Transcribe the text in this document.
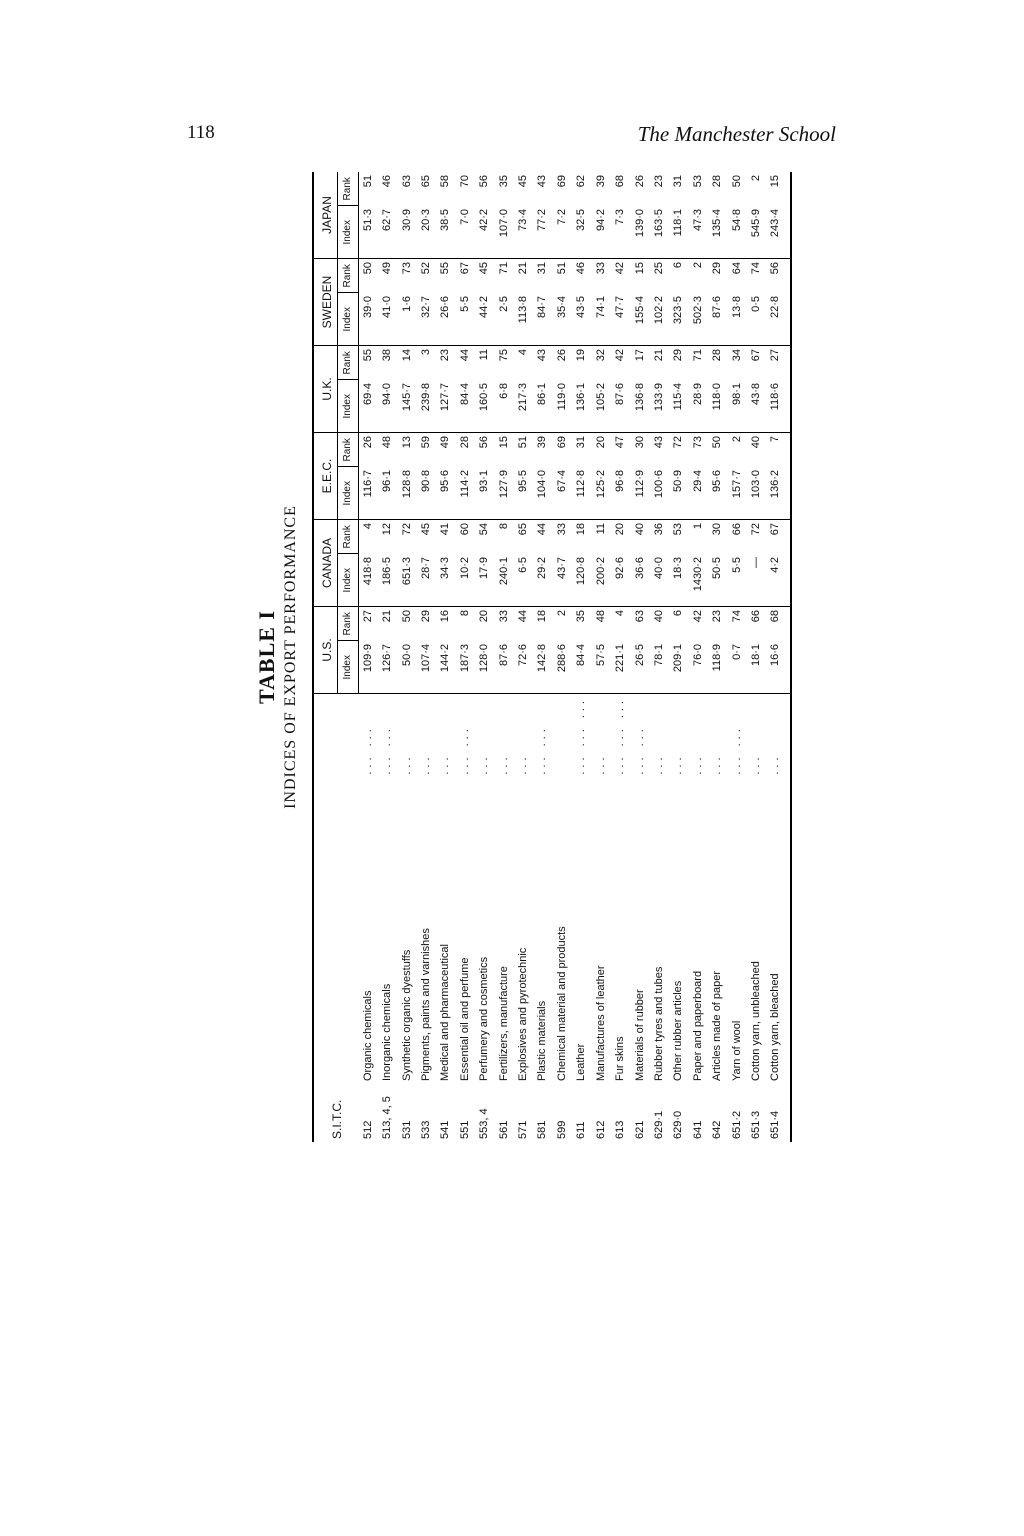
118	The Manchester School
TABLE I INDICES OF EXPORT PERFORMANCE
S.I.T.C.			U.S.		CANADA		E.E.C.		U.K.		SWEDEN		JAPAN	
			Index	Rank	Index	Rank	Index	Rank	Index	Rank	Index	Rank	Index	Rank
512	Organic chemicals	... ...	109·9	27	418·8	4	116·7	26	69·4	55	39·0	50	51·3	51
513, 4, 5	Inorganic chemicals	... ...	126·7	21	186·5	12	96·1	48	94·0	38	41·0	49	62·7	46
531	Synthetic organic dyestuffs	...	50·0	50	651·3	72	128·8	13	145·7	14	1·6	73	30·9	63
533	Pigments, paints and varnishes	...	107·4	29	28·7	45	90·8	59	239·8	3	32·7	52	20·3	65
541	Medical and pharmaceutical	...	144·2	16	34·3	41	95·6	49	127·7	23	26·6	55	38·5	58
551	Essential oil and perfume	... ...	187·3	8	10·2	60	114·2	28	84·4	44	5·5	67	7·0	70
553, 4	Perfumery and cosmetics	...	128·0	20	17·9	54	93·1	56	160·5	11	44·2	45	42·2	56
561	Fertilizers, manufacture	...	87·6	33	240·1	8	127·9	15	6·8	75	2·5	71	107·0	35
571	Explosives and pyrotechnic	...	72·6	44	6·5	65	95·5	51	217·3	4	113·8	21	73·4	45
581	Plastic materials	... ...	142·8	18	29·2	44	104·0	39	86·1	43	84·7	31	77·2	43
599	Chemical material and products		288·6	2	43·7	33	67·4	69	119·0	26	35·4	51	7·2	69
611	Leather	... ... ...	84·4	35	120·8	18	112·8	31	136·1	19	43·5	46	32·5	62
612	Manufactures of leather	...	57·5	48	200·2	11	125·2	20	105·2	32	74·1	33	94·2	39
613	Fur skins	... ... ...	221·1	4	92·6	20	96·8	47	87·6	42	47·7	42	7·3	68
621	Materials of rubber	... ...	26·5	63	36·6	40	112·9	30	136·8	17	155·4	15	139·0	26
629·1	Rubber tyres and tubes	...	78·1	40	40·0	36	100·6	43	133·9	21	102·2	25	163·5	23
629·0	Other rubber articles	...	209·1	6	18·3	53	50·9	72	115·4	29	323·5	6	118·1	31
641	Paper and paperboard	...	76·0	42	1430·2	1	29·4	73	28·9	71	502·3	2	47·3	53
642	Articles made of paper	...	118·9	23	50·5	30	95·6	50	118·0	28	87·6	29	135·4	28
651·2	Yarn of wool	... ...	0·7	74	5·5	66	157·7	2	98·1	34	13·8	64	54·8	50
651·3	Cotton yarn, unbleached	...	18·1	66	—	72	103·0	40	43·8	67	0·5	74	545·9	2
651·4	Cotton yarn, bleached	...	16·6	68	4·2	67	136·2	7	118·6	27	22·8	56	243·4	15
